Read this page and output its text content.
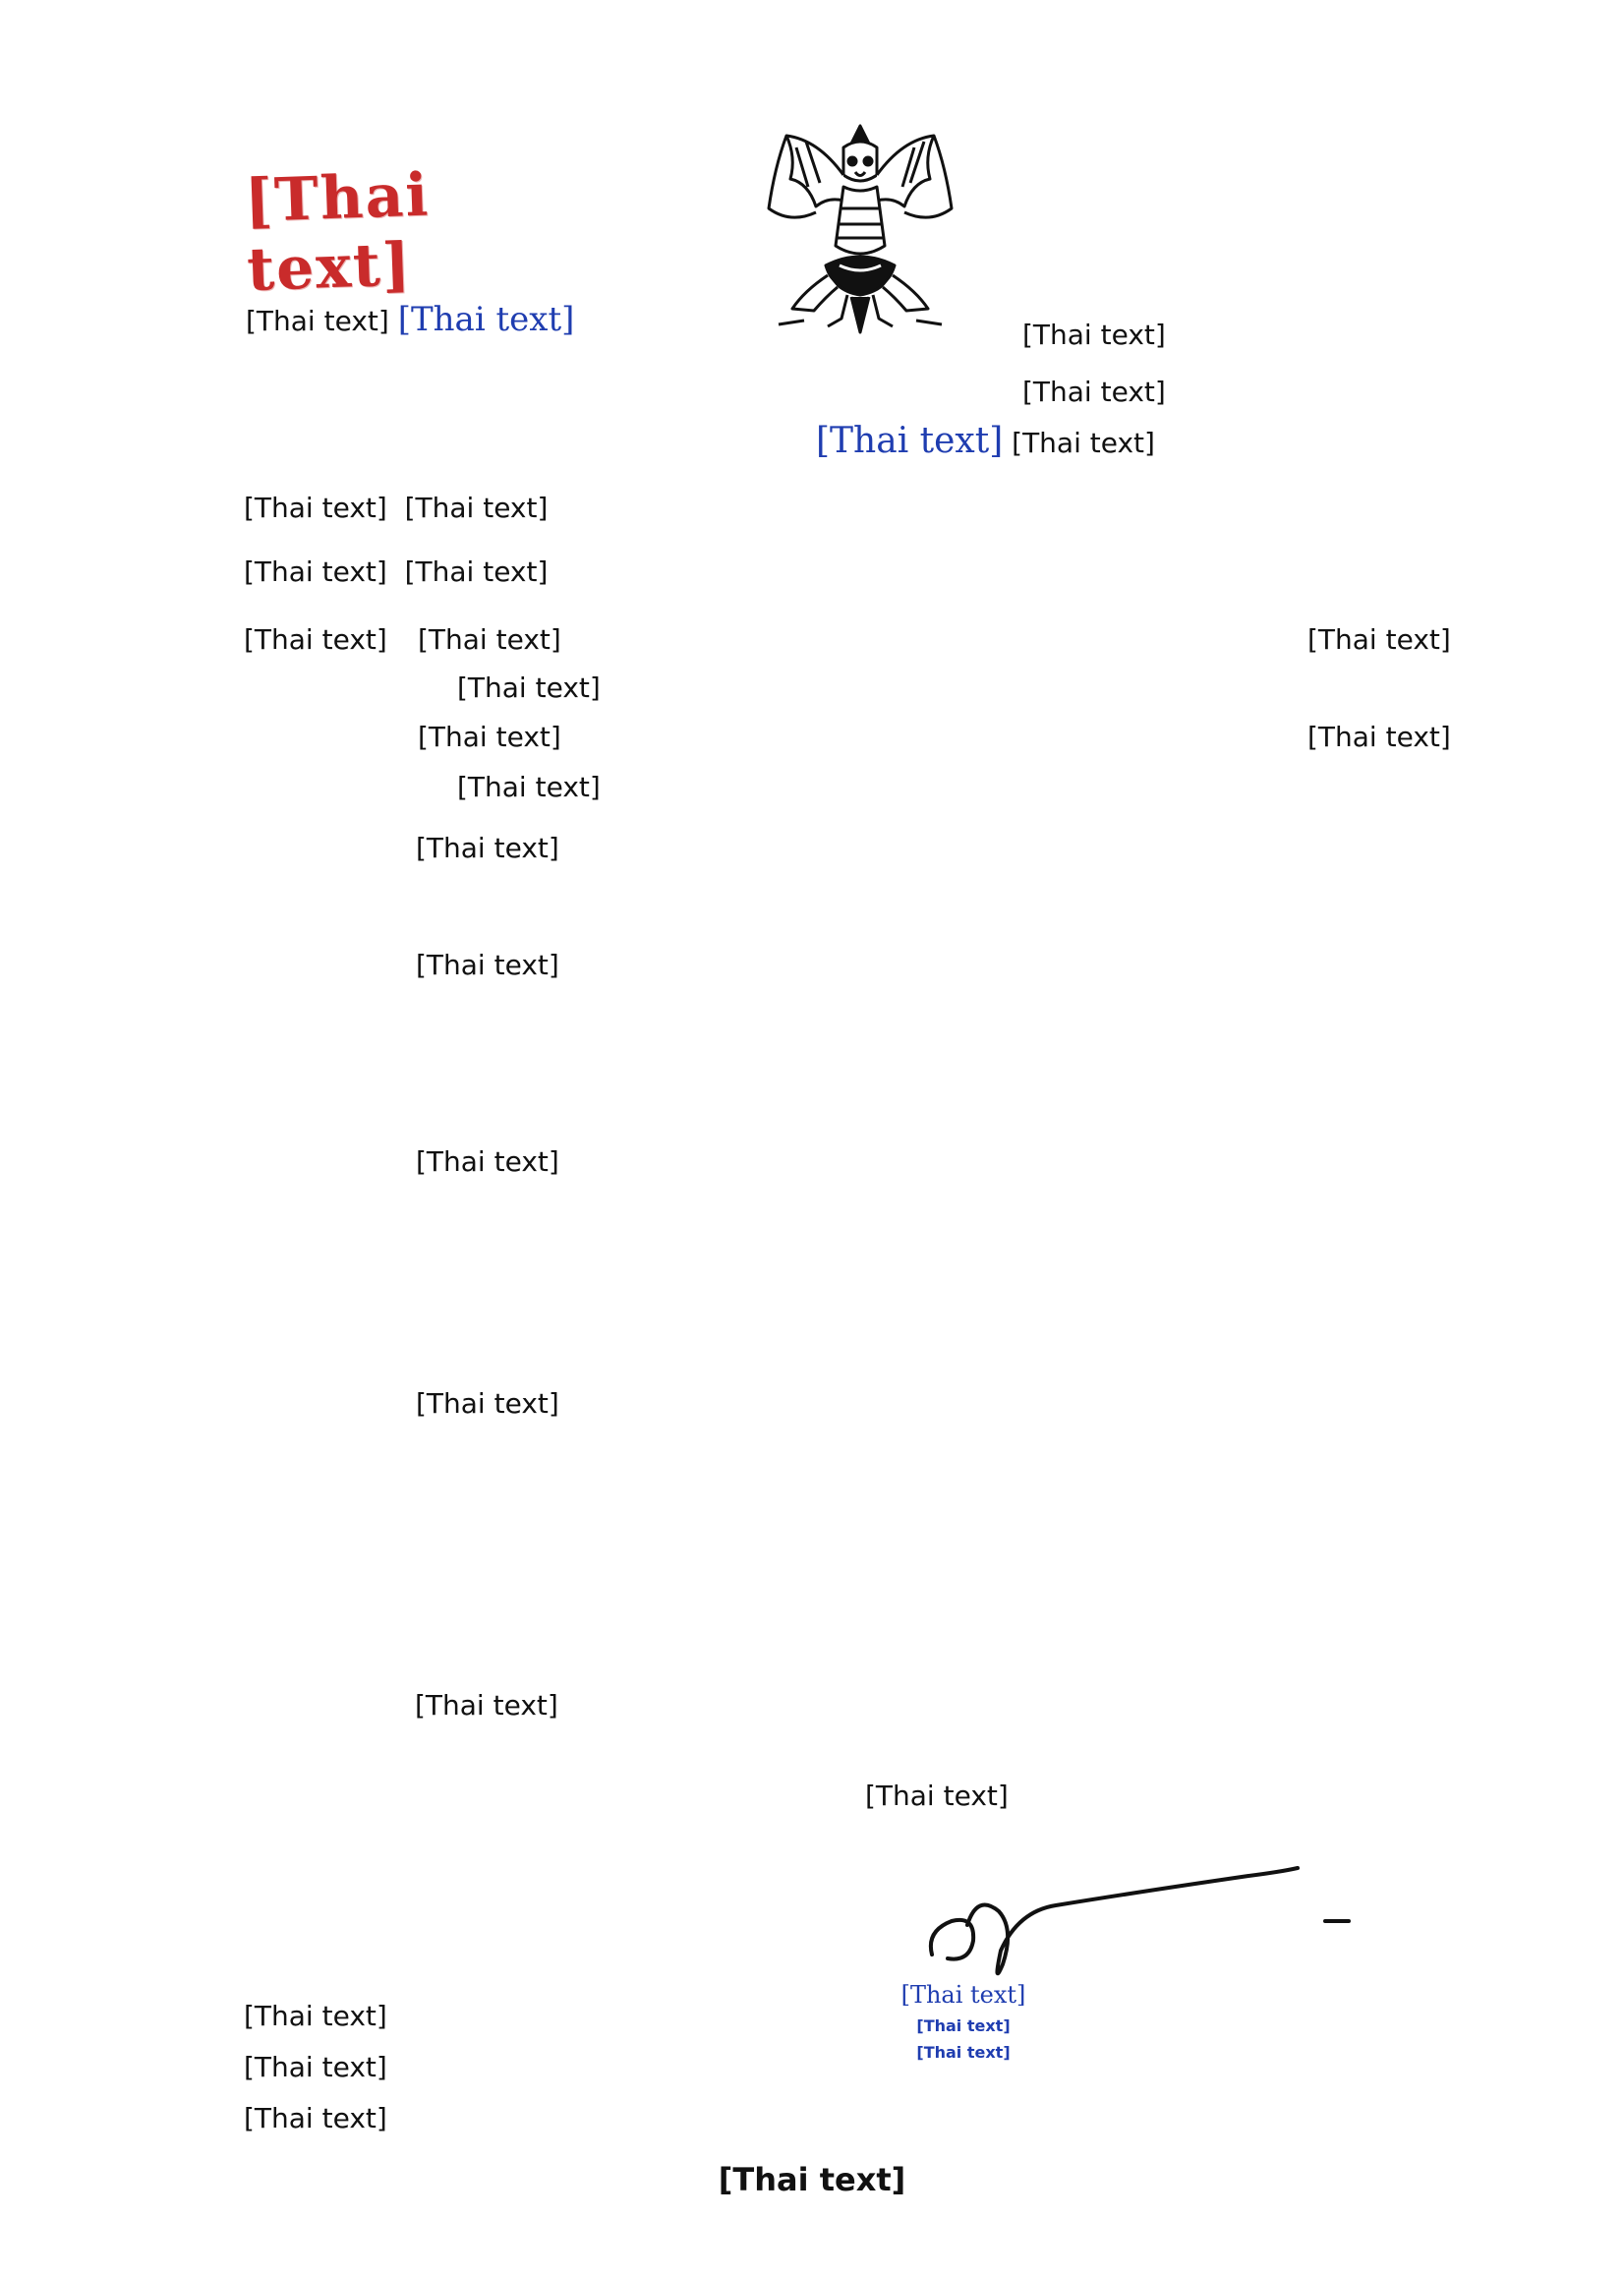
[Thai text]
[Thai text] [Thai text]	[Thai text]
[Thai text]
[Thai text] [Thai text]
[Thai text] [Thai text]
[Thai text] [Thai text]
[Thai text] [Thai text]
[Thai text]
[Thai text]
[Thai text]
[Thai text]
[Thai text]
[Thai text]
[Thai text]
[Thai text]
[Thai text]
[Thai text]
[Thai text]
[Thai text]
[Thai text]
[Thai text]
[Thai text]
[Thai text]
[Thai text]
[Thai text]
